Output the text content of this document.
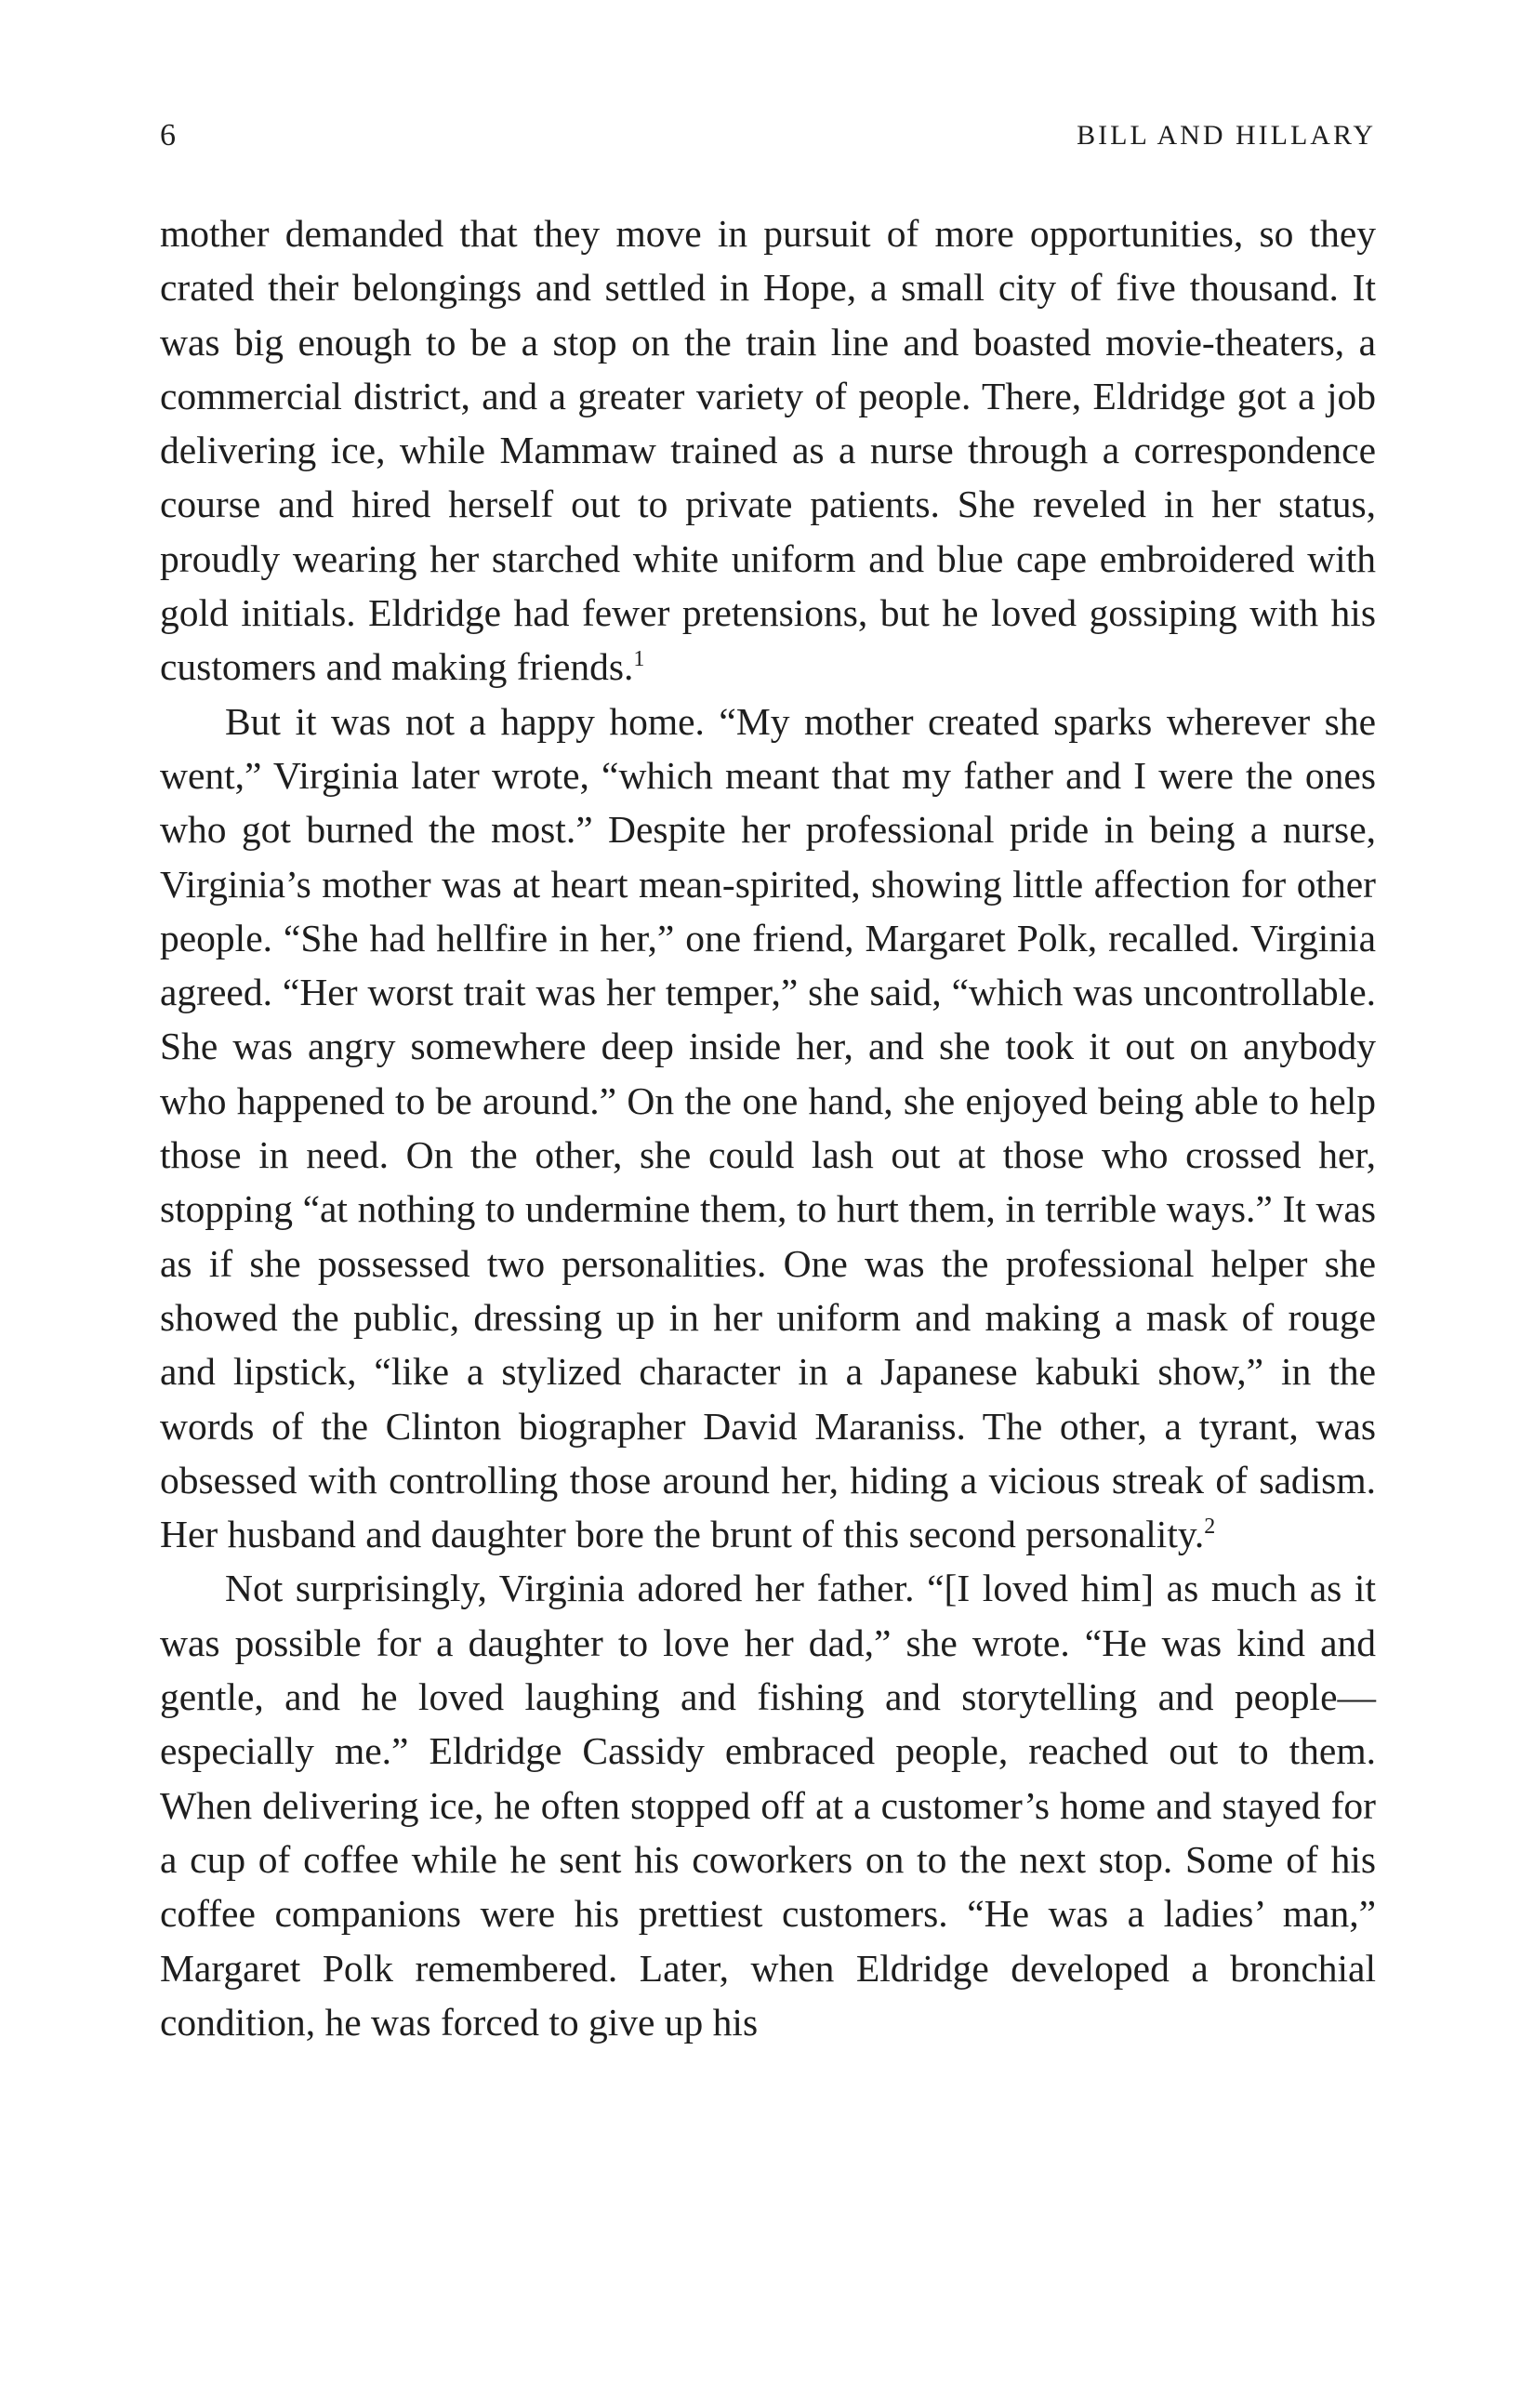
6	BILL AND HILLARY

mother demanded that they move in pursuit of more opportunities, so they crated their belongings and settled in Hope, a small city of five thousand. It was big enough to be a stop on the train line and boasted movie-theaters, a commercial district, and a greater variety of people. There, Eldridge got a job delivering ice, while Mammaw trained as a nurse through a correspondence course and hired herself out to private patients. She reveled in her status, proudly wearing her starched white uniform and blue cape embroidered with gold initials. Eldridge had fewer pretensions, but he loved gossiping with his customers and making friends.$^1$

But it was not a happy home. “My mother created sparks wherever she went,” Virginia later wrote, “which meant that my father and I were the ones who got burned the most.” Despite her professional pride in being a nurse, Virginia’s mother was at heart mean-spirited, showing little affection for other people. “She had hellfire in her,” one friend, Margaret Polk, recalled. Virginia agreed. “Her worst trait was her temper,” she said, “which was uncontrollable. She was angry somewhere deep inside her, and she took it out on anybody who happened to be around.” On the one hand, she enjoyed being able to help those in need. On the other, she could lash out at those who crossed her, stopping “at nothing to undermine them, to hurt them, in terrible ways.” It was as if she possessed two personalities. One was the professional helper she showed the public, dressing up in her uniform and making a mask of rouge and lipstick, “like a stylized character in a Japanese kabuki show,” in the words of the Clinton biographer David Maraniss. The other, a tyrant, was obsessed with controlling those around her, hiding a vicious streak of sadism. Her husband and daughter bore the brunt of this second personality.$^2$

Not surprisingly, Virginia adored her father. “[I loved him] as much as it was possible for a daughter to love her dad,” she wrote. “He was kind and gentle, and he loved laughing and fishing and storytelling and people—especially me.” Eldridge Cassidy embraced people, reached out to them. When delivering ice, he often stopped off at a customer’s home and stayed for a cup of coffee while he sent his coworkers on to the next stop. Some of his coffee companions were his prettiest customers. “He was a ladies’ man,” Margaret Polk remembered. Later, when Eldridge developed a bronchial condition, he was forced to give up his
